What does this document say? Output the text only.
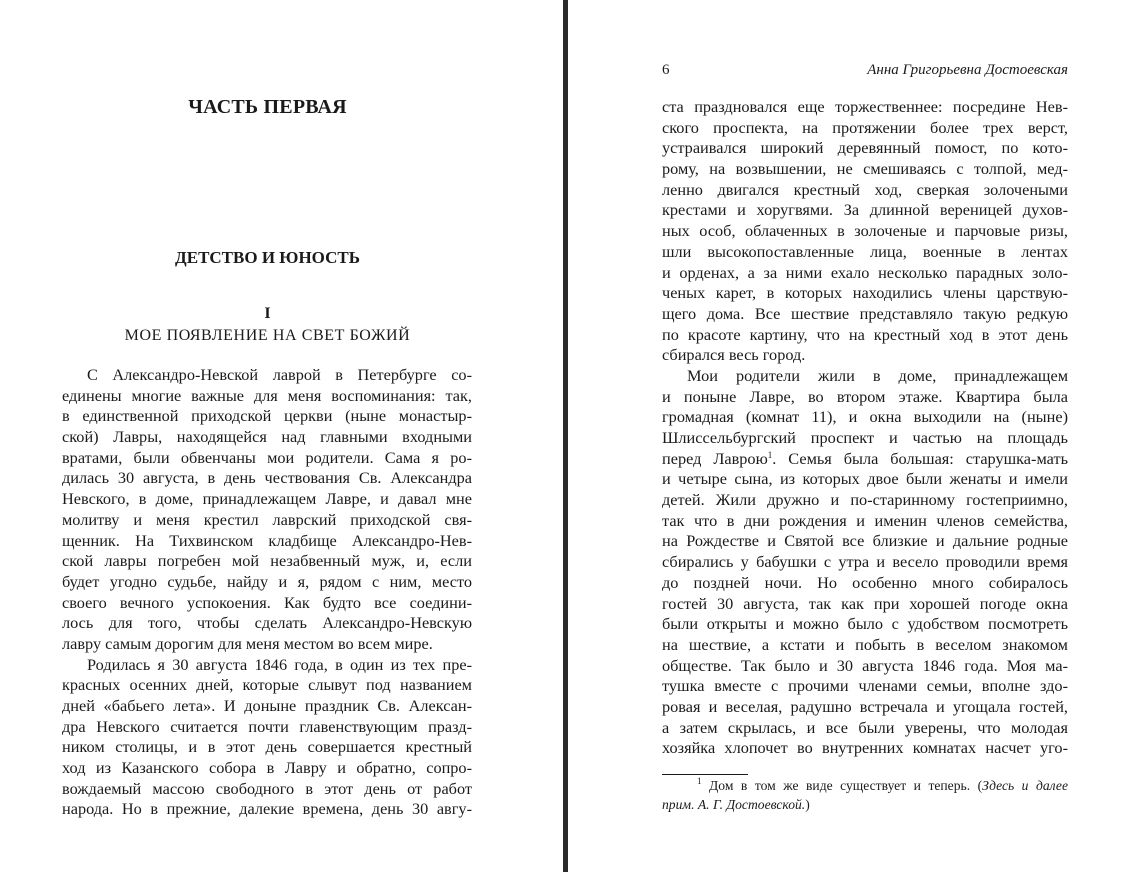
ЧАСТЬ ПЕРВАЯ
ДЕТСТВО И ЮНОСТЬ
I
МОЕ ПОЯВЛЕНИЕ НА СВЕТ БОЖИЙ
С Александро-Невской лаврой в Петербурге со-
единены многие важные для меня воспоминания: так,
в единственной приходской церкви (ныне монастыр-
ской) Лавры, находящейся над главными входными
вратами, были обвенчаны мои родители. Сама я ро-
дилась 30 августа, в день чествования Св. Александра
Невского, в доме, принадлежащем Лавре, и давал мне
молитву и меня крестил лаврский приходской свя-
щенник. На Тихвинском кладбище Александро-Нев-
ской лавры погребен мой незабвенный муж, и, если
будет угодно судьбе, найду и я, рядом с ним, место
своего вечного успокоения. Как будто все соедини-
лось для того, чтобы сделать Александро-Невскую
лавру самым дорогим для меня местом во всем мире.
Родилась я 30 августа 1846 года, в один из тех пре-
красных осенних дней, которые слывут под названием
дней «бабьего лета». И доныне праздник Св. Алексан-
дра Невского считается почти главенствующим празд-
ником столицы, и в этот день совершается крестный
ход из Казанского собора в Лавру и обратно, сопро-
вождаемый массою свободного в этот день от работ
народа. Но в прежние, далекие времена, день 30 авгу-
6	Анна Григорьевна Достоевская
ста праздновался еще торжественнее: посредине Нев-
ского проспекта, на протяжении более трех верст,
устраивался широкий деревянный помост, по кото-
рому, на возвышении, не смешиваясь с толпой, мед-
ленно двигался крестный ход, сверкая золочеными
крестами и хоругвями. За длинной вереницей духов-
ных особ, облаченных в золоченые и парчовые ризы,
шли высокопоставленные лица, военные в лентах
и орденах, а за ними ехало несколько парадных золо-
ченых карет, в которых находились члены царствую-
щего дома. Все шествие представляло такую редкую
по красоте картину, что на крестный ход в этот день
сбирался весь город.
Мои родители жили в доме, принадлежащем
и поныне Лавре, во втором этаже. Квартира была
громадная (комнат 11), и окна выходили на (ныне)
Шлиссельбургский проспект и частью на площадь
перед Лаврою$^1$. Семья была большая: старушка-мать
и четыре сына, из которых двое были женаты и имели
детей. Жили дружно и по-старинному гостеприимно,
так что в дни рождения и именин членов семейства,
на Рождестве и Святой все близкие и дальние родные
сбирались у бабушки с утра и весело проводили время
до поздней ночи. Но особенно много собиралось
гостей 30 августа, так как при хорошей погоде окна
были открыты и можно было с удобством посмотреть
на шествие, а кстати и побыть в веселом знакомом
обществе. Так было и 30 августа 1846 года. Моя ма-
тушка вместе с прочими членами семьи, вполне здо-
ровая и веселая, радушно встречала и угощала гостей,
а затем скрылась, и все были уверены, что молодая
хозяйка хлопочет во внутренних комнатах насчет уго-
$^1$ Дом в том же виде существует и теперь. (Здесь и далее
прим. А. Г. Достоевской.)
